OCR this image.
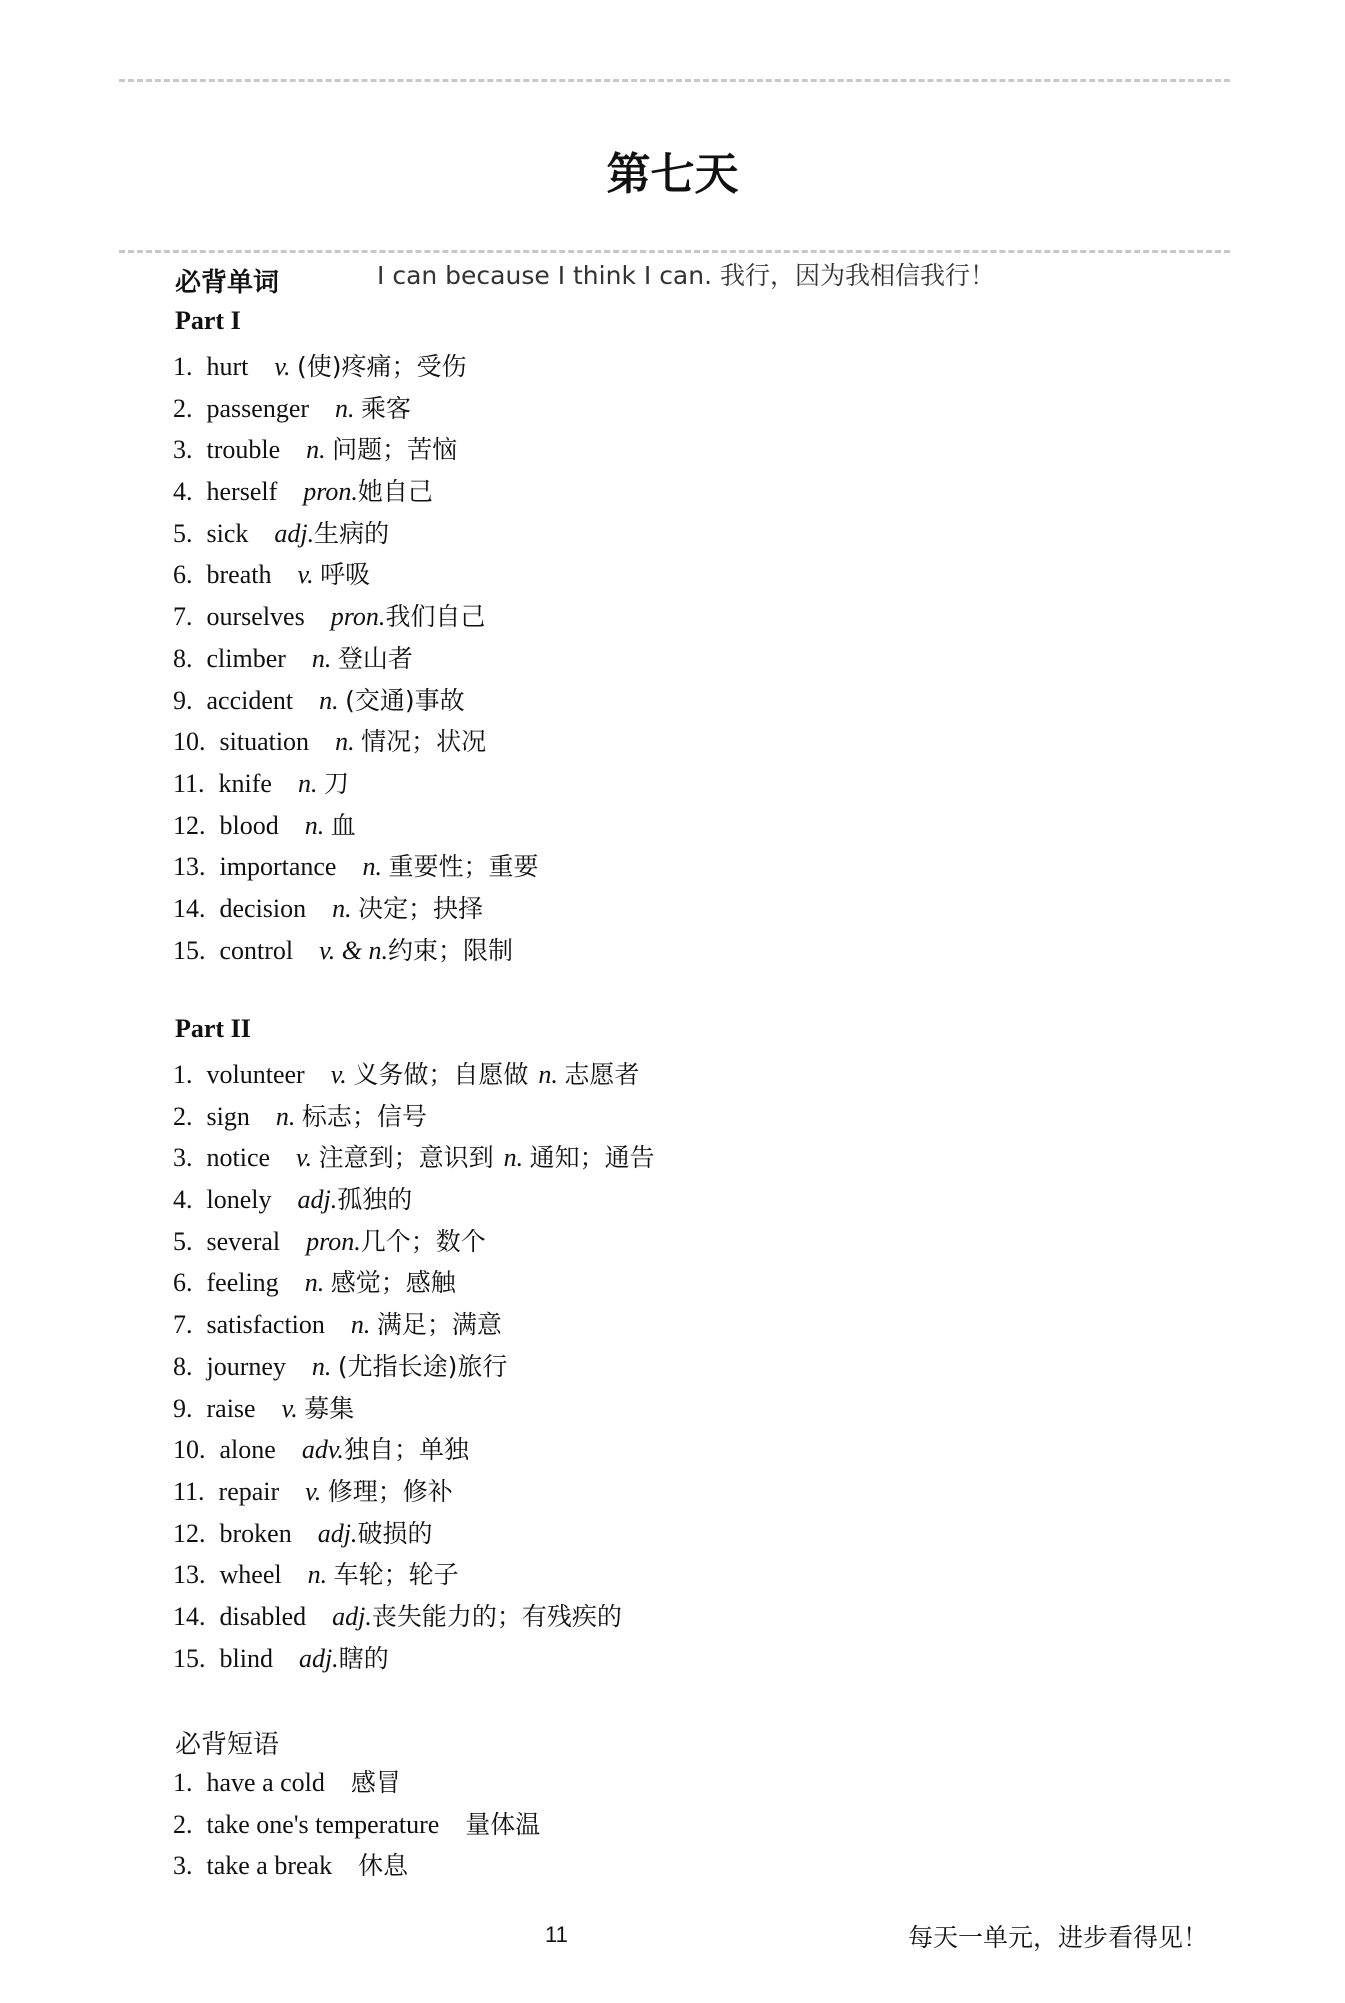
第七天
必背单词	I can because I think I can. 我行，因为我相信我行！
Part I
1. hurt v. (使)疼痛；受伤
2. passenger n. 乘客
3. trouble n. 问题；苦恼
4. herself pron.她自己
5. sick adj.生病的
6. breath v. 呼吸
7. ourselves pron.我们自己
8. climber n. 登山者
9. accident n. (交通)事故
10. situation n. 情况；状况
11. knife n. 刀
12. blood n. 血
13. importance n. 重要性；重要
14. decision n. 决定；抉择
15. control v. & n.约束；限制
Part II
1. volunteer v. 义务做；自愿做 n. 志愿者
2. sign n. 标志；信号
3. notice v. 注意到；意识到 n. 通知；通告
4. lonely adj.孤独的
5. several pron.几个；数个
6. feeling n. 感觉；感触
7. satisfaction n. 满足；满意
8. journey n. (尤指长途)旅行
9. raise v. 募集
10. alone adv.独自；单独
11. repair v. 修理；修补
12. broken adj.破损的
13. wheel n. 车轮；轮子
14. disabled adj.丧失能力的；有残疾的
15. blind adj.瞎的
必背短语
1. have a cold 感冒
2. take one's temperature 量体温
3. take a break 休息
11	每天一单元，进步看得见！
